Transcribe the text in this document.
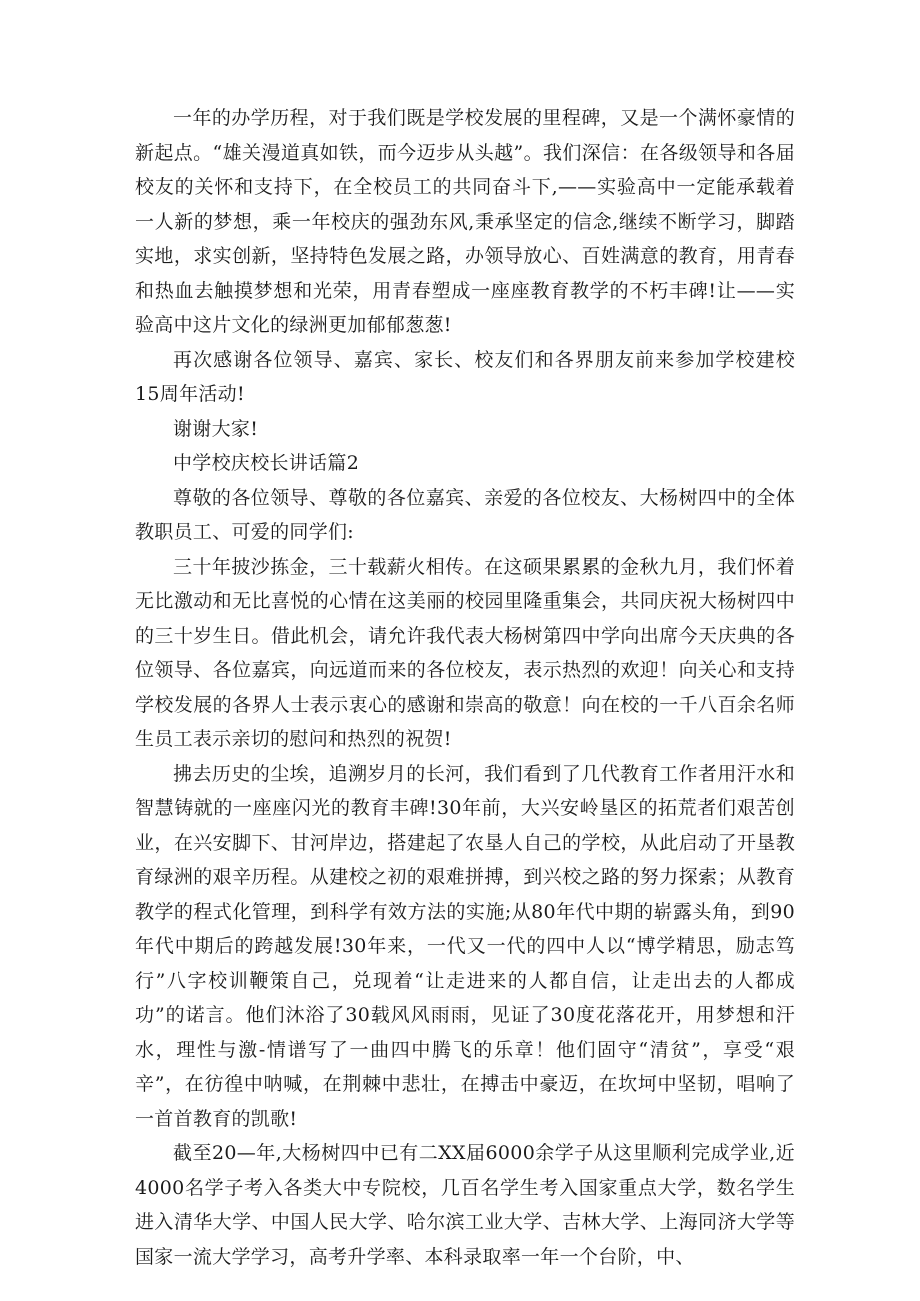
一年的办学历程，对于我们既是学校发展的里程碑，又是一个满怀豪情的新起点。“雄关漫道真如铁，而今迈步从头越”。我们深信：在各级领导和各届校友的关怀和支持下，在全校员工的共同奋斗下,——实验高中一定能承载着一人新的梦想，乘一年校庆的强劲东风,秉承坚定的信念,继续不断学习，脚踏实地，求实创新，坚持特色发展之路，办领导放心、百姓满意的教育，用青春和热血去触摸梦想和光荣，用青春塑成一座座教育教学的不朽丰碑!让——实验高中这片文化的绿洲更加郁郁葱葱!

再次感谢各位领导、嘉宾、家长、校友们和各界朋友前来参加学校建校15周年活动!

谢谢大家!

中学校庆校长讲话篇2

尊敬的各位领导、尊敬的各位嘉宾、亲爱的各位校友、大杨树四中的全体教职员工、可爱的同学们:

三十年披沙拣金，三十载薪火相传。在这硕果累累的金秋九月，我们怀着无比激动和无比喜悦的心情在这美丽的校园里隆重集会，共同庆祝大杨树四中的三十岁生日。借此机会，请允许我代表大杨树第四中学向出席今天庆典的各位领导、各位嘉宾，向远道而来的各位校友，表示热烈的欢迎！向关心和支持学校发展的各界人士表示衷心的感谢和崇高的敬意！向在校的一千八百余名师生员工表示亲切的慰问和热烈的祝贺!

拂去历史的尘埃，追溯岁月的长河，我们看到了几代教育工作者用汗水和智慧铸就的一座座闪光的教育丰碑!30年前，大兴安岭垦区的拓荒者们艰苦创业，在兴安脚下、甘河岸边，搭建起了农垦人自己的学校，从此启动了开垦教育绿洲的艰辛历程。从建校之初的艰难拼搏，到兴校之路的努力探索；从教育教学的程式化管理，到科学有效方法的实施;从80年代中期的崭露头角，到90年代中期后的跨越发展!30年来，一代又一代的四中人以“博学精思，励志笃行”八字校训鞭策自己，兑现着“让走进来的人都自信，让走出去的人都成功”的诺言。他们沐浴了30载风风雨雨，见证了30度花落花开，用梦想和汗水，理性与激-情谱写了一曲四中腾飞的乐章！他们固守“清贫”，享受“艰辛”，在彷徨中呐喊，在荆棘中悲壮，在搏击中豪迈，在坎坷中坚韧，唱响了一首首教育的凯歌!

截至20—年,大杨树四中已有二XX届6000余学子从这里顺利完成学业,近4000名学子考入各类大中专院校，几百名学生考入国家重点大学，数名学生进入清华大学、中国人民大学、哈尔滨工业大学、吉林大学、上海同济大学等国家一流大学学习，高考升学率、本科录取率一年一个台阶，中、
